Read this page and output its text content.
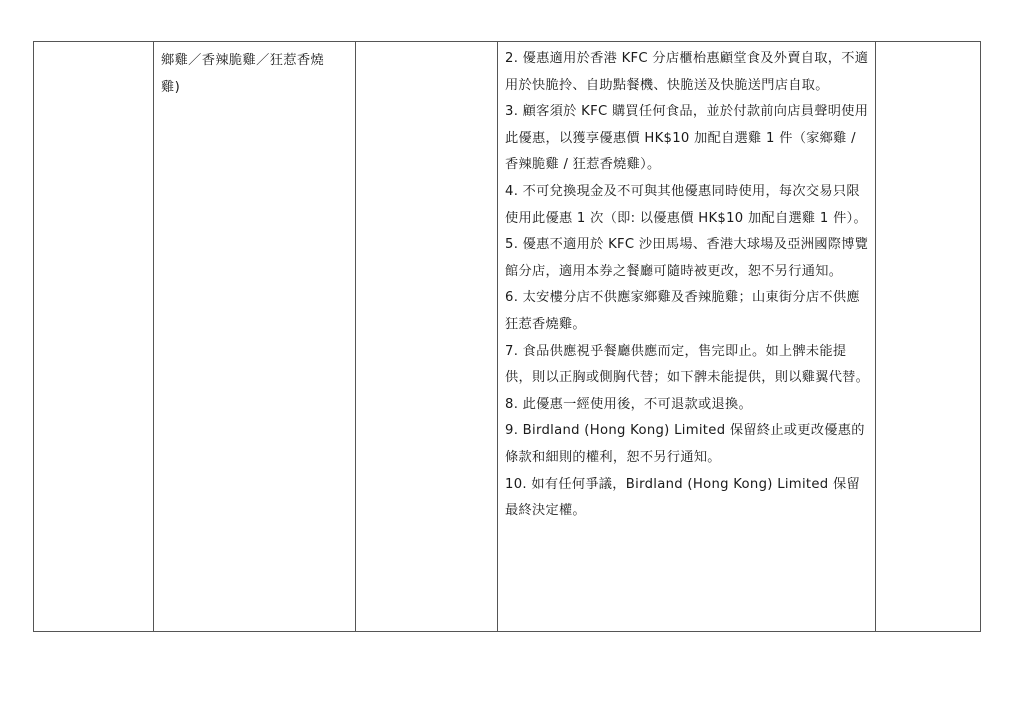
鄉雞／香辣脆雞／狂惹香燒雞)

2. 優惠適用於香港 KFC 分店櫃枱惠顧堂食及外賣自取，不適用於快脆拎、自助點餐機、快脆送及快脆送門店自取。

3. 顧客須於 KFC 購買任何食品，並於付款前向店員聲明使用此優惠，以獲享優惠價 HK$10 加配自選雞 1 件（家鄉雞 / 香辣脆雞 / 狂惹香燒雞）。

4. 不可兌換現金及不可與其他優惠同時使用，每次交易只限使用此優惠 1 次（即: 以優惠價 HK$10 加配自選雞 1 件）。

5. 優惠不適用於 KFC 沙田馬場、香港大球場及亞洲國際博覽館分店，適用本券之餐廳可隨時被更改，恕不另行通知。

6. 太安樓分店不供應家鄉雞及香辣脆雞；山東街分店不供應狂惹香燒雞。

7. 食品供應視乎餐廳供應而定，售完即止。如上髀未能提供，則以正胸或側胸代替；如下髀未能提供，則以雞翼代替。

8. 此優惠一經使用後，不可退款或退換。

9. Birdland (Hong Kong) Limited 保留終止或更改優惠的條款和細則的權利，恕不另行通知。

10. 如有任何爭議，Birdland (Hong Kong) Limited 保留最終決定權。
